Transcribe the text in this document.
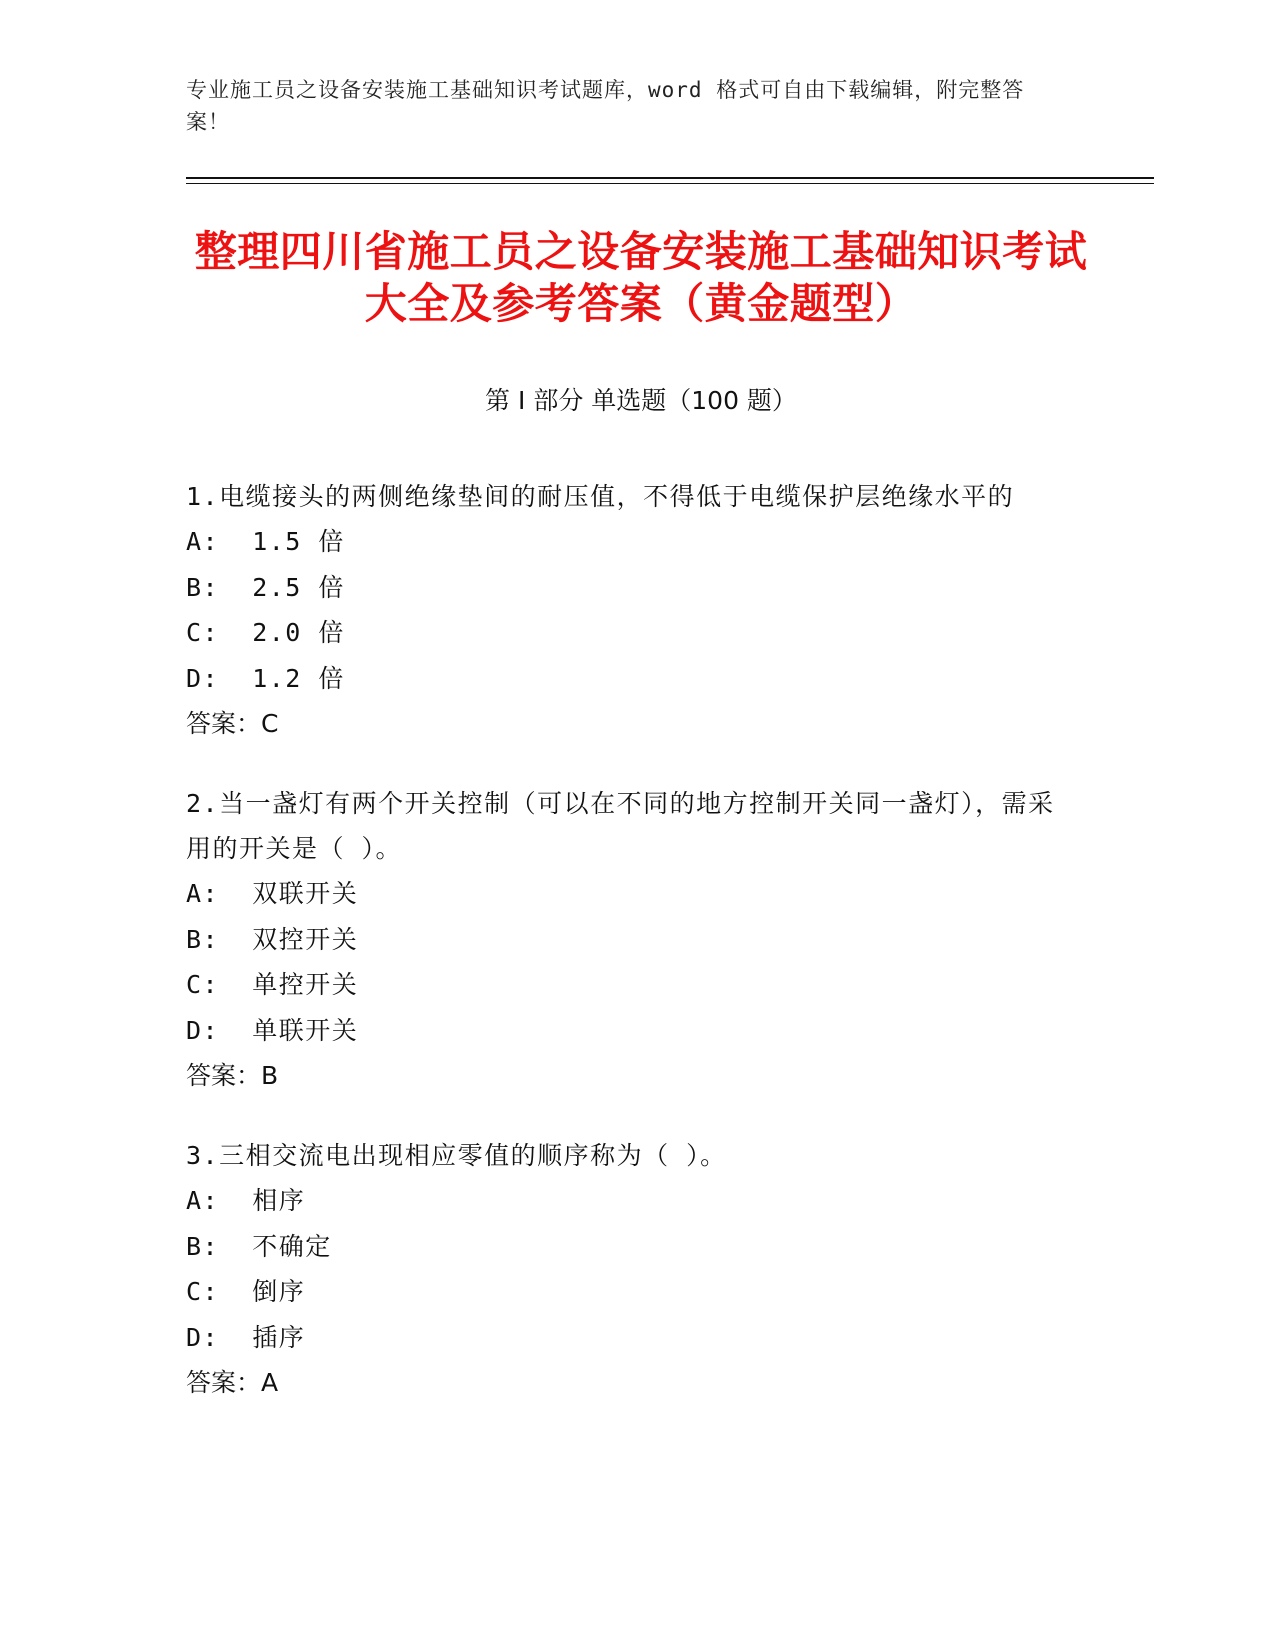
专业施工员之设备安装施工基础知识考试题库，word 格式可自由下载编辑，附完整答案！
整理四川省施工员之设备安装施工基础知识考试大全及参考答案（黄金题型）
第 I 部分 单选题（100 题）
1.电缆接头的两侧绝缘垫间的耐压值，不得低于电缆保护层绝缘水平的
A:  1.5 倍
B:  2.5 倍
C:  2.0 倍
D:  1.2 倍
答案：C
2.当一盏灯有两个开关控制（可以在不同的地方控制开关同一盏灯），需采用的开关是（ ）。
A:  双联开关
B:  双控开关
C:  单控开关
D:  单联开关
答案：B
3.三相交流电出现相应零值的顺序称为（ ）。
A:  相序
B:  不确定
C:  倒序
D:  插序
答案：A
